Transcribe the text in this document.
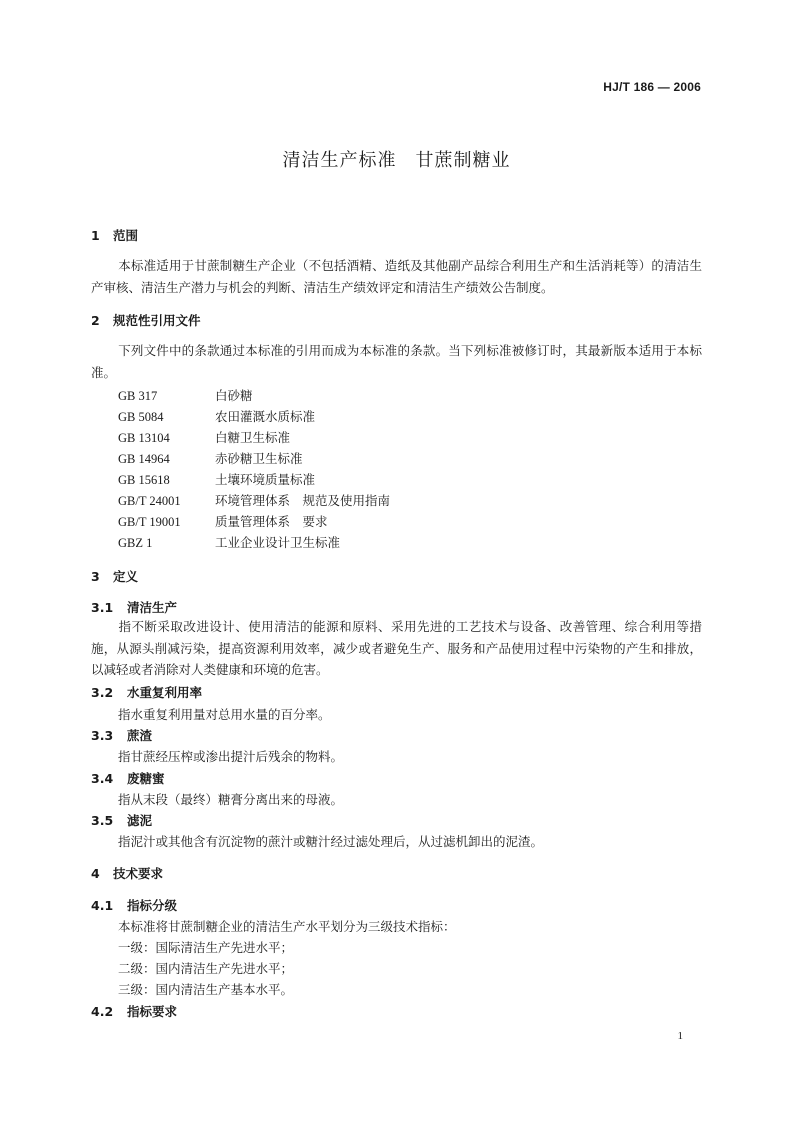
HJ/T 186 — 2006
清洁生产标准　甘蔗制糖业
1 范围
本标准适用于甘蔗制糖生产企业（不包括酒精、造纸及其他副产品综合利用生产和生活消耗等）的清洁生产审核、清洁生产潜力与机会的判断、清洁生产绩效评定和清洁生产绩效公告制度。
2 规范性引用文件
下列文件中的条款通过本标准的引用而成为本标准的条款。当下列标准被修订时，其最新版本适用于本标准。
GB 317	白砂糖
GB 5084	农田灌溉水质标准
GB 13104	白糖卫生标准
GB 14964	赤砂糖卫生标准
GB 15618	土壤环境质量标准
GB/T 24001	环境管理体系　规范及使用指南
GB/T 19001	质量管理体系　要求
GBZ 1	工业企业设计卫生标准
3 定义
3.1 清洁生产
指不断采取改进设计、使用清洁的能源和原料、采用先进的工艺技术与设备、改善管理、综合利用等措施，从源头削减污染，提高资源利用效率，减少或者避免生产、服务和产品使用过程中污染物的产生和排放，以减轻或者消除对人类健康和环境的危害。
3.2 水重复利用率
指水重复利用量对总用水量的百分率。
3.3 蔗渣
指甘蔗经压榨或渗出提汁后残余的物料。
3.4 废糖蜜
指从末段（最终）糖膏分离出来的母液。
3.5 滤泥
指泥汁或其他含有沉淀物的蔗汁或糖汁经过滤处理后，从过滤机卸出的泥渣。
4 技术要求
4.1 指标分级
本标准将甘蔗制糖企业的清洁生产水平划分为三级技术指标：
一级：国际清洁生产先进水平；
二级：国内清洁生产先进水平；
三级：国内清洁生产基本水平。
4.2 指标要求
1
